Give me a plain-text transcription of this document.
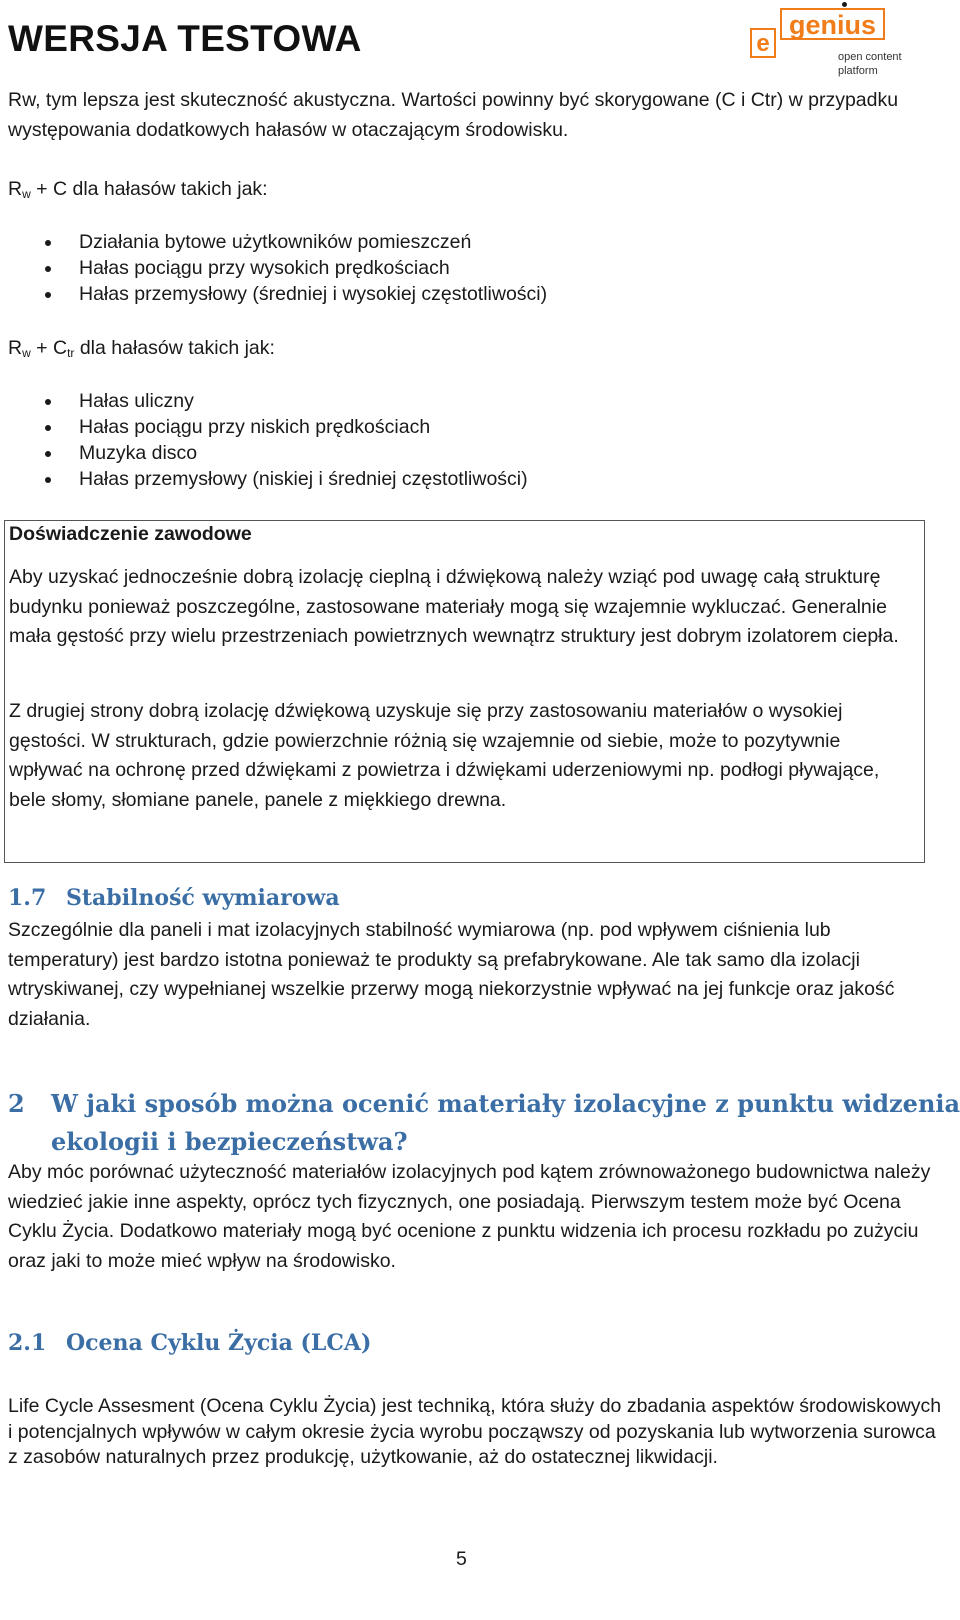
WERSJA TESTOWA	e
genius
open content
platform

Rw, tym lepsza jest skuteczność akustyczna. Wartości powinny być skorygowane (C i Ctr) w przypadku występowania dodatkowych hałasów w otaczającym środowisku.

$R_w + C$ dla hałasów takich jak:

Działania bytowe użytkowników pomieszczeń
Hałas pociągu przy wysokich prędkościach
Hałas przemysłowy (średniej i wysokiej częstotliwości)

$R_w + C_{tr}$ dla hałasów takich jak:

Hałas uliczny
Hałas pociągu przy niskich prędkościach
Muzyka disco
Hałas przemysłowy (niskiej i średniej częstotliwości)

Doświadczenie zawodowe

Aby uzyskać jednocześnie dobrą izolację cieplną i dźwiękową należy wziąć pod uwagę całą strukturę budynku ponieważ poszczególne, zastosowane materiały mogą się wzajemnie wykluczać. Generalnie mała gęstość przy wielu przestrzeniach powietrznych wewnątrz struktury jest dobrym izolatorem ciepła.

Z drugiej strony dobrą izolację dźwiękową uzyskuje się przy zastosowaniu materiałów o wysokiej gęstości. W strukturach, gdzie powierzchnie różnią się wzajemnie od siebie, może to pozytywnie wpływać na ochronę przed dźwiękami z powietrza i dźwiękami uderzeniowymi np. podłogi pływające, bele słomy, słomiane panele, panele z miękkiego drewna.

1.7 Stabilność wymiarowa

Szczególnie dla paneli i mat izolacyjnych stabilność wymiarowa (np. pod wpływem ciśnienia lub temperatury) jest bardzo istotna ponieważ te produkty są prefabrykowane. Ale tak samo dla izolacji wtryskiwanej, czy wypełnianej wszelkie przerwy mogą niekorzystnie wpływać na jej funkcje oraz jakość działania.

2 W jaki sposób można ocenić materiały izolacyjne z punktu widzenia ekologii i bezpieczeństwa?

Aby móc porównać użyteczność materiałów izolacyjnych pod kątem zrównoważonego budownictwa należy wiedzieć jakie inne aspekty, oprócz tych fizycznych, one posiadają. Pierwszym testem może być Ocena Cyklu Życia. Dodatkowo materiały mogą być ocenione z punktu widzenia ich procesu rozkładu po zużyciu oraz jaki to może mieć wpływ na środowisko.

2.1 Ocena Cyklu Życia (LCA)

Life Cycle Assesment (Ocena Cyklu Życia) jest techniką, która służy do zbadania aspektów środowiskowych i potencjalnych wpływów w całym okresie życia wyrobu począwszy od pozyskania lub wytworzenia surowca z zasobów naturalnych przez produkcję, użytkowanie, aż do ostatecznej likwidacji.

5
